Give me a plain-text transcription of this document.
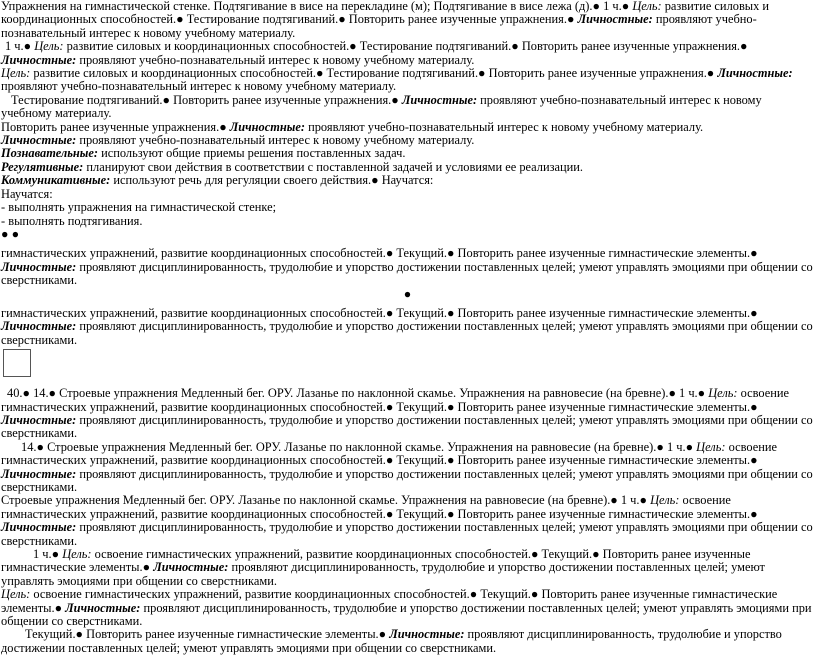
Упражнения на гимнастической стенке. Подтягивание в висе на перекладине (м); Подтягивание в висе лежа (д).● 1 ч.● Цель: развитие силовых и координационных способностей.● Тестирование подтягиваний.● Повторить ранее изученные упражнения.● Личностные: проявляют учебно-познавательный интерес к новому учебному материалу.

1 ч.● Цель: развитие силовых и координационных способностей.● Тестирование подтягиваний.● Повторить ранее изученные упражнения.● Личностные: проявляют учебно-познавательный интерес к новому учебному материалу.

Цель: развитие силовых и координационных способностей.● Тестирование подтягиваний.● Повторить ранее изученные упражнения.● Личностные: проявляют учебно-познавательный интерес к новому учебному материалу.

Тестирование подтягиваний.● Повторить ранее изученные упражнения.● Личностные: проявляют учебно-познавательный интерес к новому учебному материалу.

Повторить ранее изученные упражнения.● Личностные: проявляют учебно-познавательный интерес к новому учебному материалу.

Личностные: проявляют учебно-познавательный интерес к новому учебному материалу.

Познавательные: используют общие приемы решения поставленных задач.

Регулятивные: планируют свои действия в соответствии с поставленной задачей и условиями ее реализации.

Коммуникативные: используют речь для регуляции своего действия.● Научатся:

Научатся:

- выполнять упражнения на гимнастической стенке;

- выполнять подтягивания.

● ●

гимнастических упражнений, развитие координационных способностей.● Текущий.● Повторить ранее изученные гимнастические элементы.● Личностные: проявляют дисциплинированность, трудолюбие и упорство достижении поставленных целей; умеют управлять эмоциями при общении со сверстниками.

●

гимнастических упражнений, развитие координационных способностей.● Текущий.● Повторить ранее изученные гимнастические элементы.● Личностные: проявляют дисциплинированность, трудолюбие и упорство достижении поставленных целей; умеют управлять эмоциями при общении со сверстниками.

40.● 14.● Строевые упражнения Медленный бег. ОРУ. Лазанье по наклонной скамье. Упражнения на равновесие (на бревне).● 1 ч.● Цель: освоение гимнастических упражнений, развитие координационных способностей.● Текущий.● Повторить ранее изученные гимнастические элементы.● Личностные: проявляют дисциплинированность, трудолюбие и упорство достижении поставленных целей; умеют управлять эмоциями при общении со сверстниками.

14.● Строевые упражнения Медленный бег. ОРУ. Лазанье по наклонной скамье. Упражнения на равновесие (на бревне).● 1 ч.● Цель: освоение гимнастических упражнений, развитие координационных способностей.● Текущий.● Повторить ранее изученные гимнастические элементы.● Личностные: проявляют дисциплинированность, трудолюбие и упорство достижении поставленных целей; умеют управлять эмоциями при общении со сверстниками.

Строевые упражнения Медленный бег. ОРУ. Лазанье по наклонной скамье. Упражнения на равновесие (на бревне).● 1 ч.● Цель: освоение гимнастических упражнений, развитие координационных способностей.● Текущий.● Повторить ранее изученные гимнастические элементы.● Личностные: проявляют дисциплинированность, трудолюбие и упорство достижении поставленных целей; умеют управлять эмоциями при общении со сверстниками.

1 ч.● Цель: освоение гимнастических упражнений, развитие координационных способностей.● Текущий.● Повторить ранее изученные гимнастические элементы.● Личностные: проявляют дисциплинированность, трудолюбие и упорство достижении поставленных целей; умеют управлять эмоциями при общении со сверстниками.

Цель: освоение гимнастических упражнений, развитие координационных способностей.● Текущий.● Повторить ранее изученные гимнастические элементы.● Личностные: проявляют дисциплинированность, трудолюбие и упорство достижении поставленных целей; умеют управлять эмоциями при общении со сверстниками.

Текущий.● Повторить ранее изученные гимнастические элементы.● Личностные: проявляют дисциплинированность, трудолюбие и упорство достижении поставленных целей; умеют управлять эмоциями при общении со сверстниками.
